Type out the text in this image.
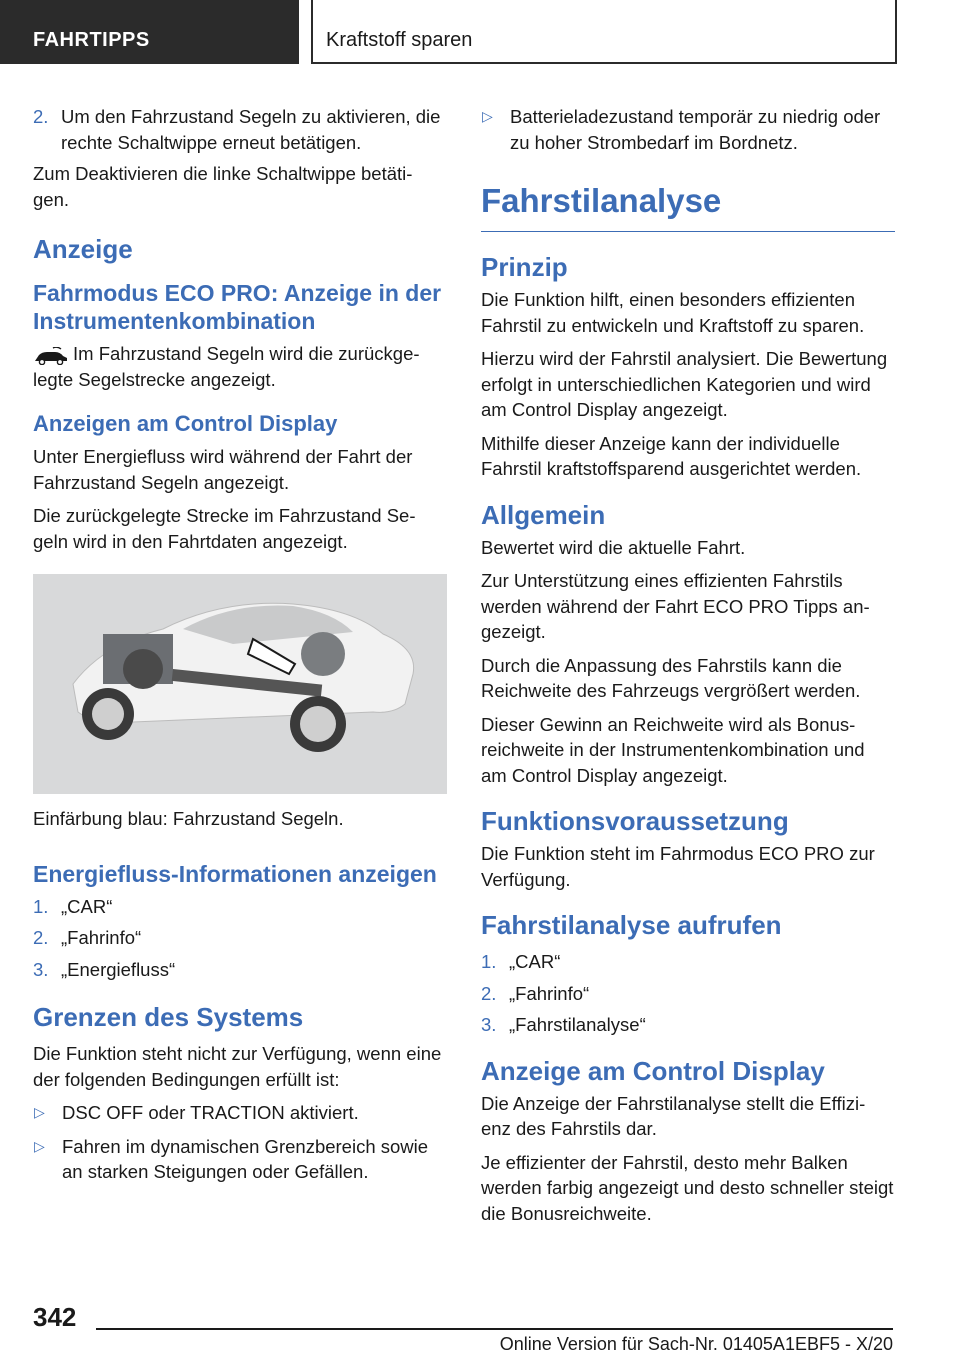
FAHRTIPPS	Kraftstoff sparen
2. Um den Fahrzustand Segeln zu aktivieren, die rechte Schaltwippe erneut betätigen.

Zum Deaktivieren die linke Schaltwippe betäti-gen.

Anzeige
Fahrmodus ECO PRO: Anzeige in der Instrumentenkombination

Im Fahrzustand Segeln wird die zurückge-legte Segelstrecke angezeigt.

Anzeigen am Control Display

Unter Energiefluss wird während der Fahrt der Fahrzustand Segeln angezeigt.

Die zurückgelegte Strecke im Fahrzustand Se-geln wird in den Fahrtdaten angezeigt.

Einfärbung blau: Fahrzustand Segeln.

Energiefluss-Informationen anzeigen
1. „CAR“
2. „Fahrinfo“
3. „Energiefluss“
Grenzen des Systems

Die Funktion steht nicht zur Verfügung, wenn eine der folgenden Bedingungen erfüllt ist:

▷ DSC OFF oder TRACTION aktiviert.
▷ Fahren im dynamischen Grenzbereich sowie an starken Steigungen oder Gefällen.
▷ Batterieladezustand temporär zu niedrig oder zu hoher Strombedarf im Bordnetz.
Fahrstilanalyse
Prinzip

Die Funktion hilft, einen besonders effizienten Fahrstil zu entwickeln und Kraftstoff zu sparen.

Hierzu wird der Fahrstil analysiert. Die Bewertung erfolgt in unterschiedlichen Kategorien und wird am Control Display angezeigt.

Mithilfe dieser Anzeige kann der individuelle Fahrstil kraftstoffsparend ausgerichtet werden.

Allgemein

Bewertet wird die aktuelle Fahrt.

Zur Unterstützung eines effizienten Fahrstils werden während der Fahrt ECO PRO Tipps an-gezeigt.

Durch die Anpassung des Fahrstils kann die Reichweite des Fahrzeugs vergrößert werden.

Dieser Gewinn an Reichweite wird als Bonus-reichweite in der Instrumentenkombination und am Control Display angezeigt.

Funktionsvoraussetzung

Die Funktion steht im Fahrmodus ECO PRO zur Verfügung.

Fahrstilanalyse aufrufen
1. „CAR“
2. „Fahrinfo“
3. „Fahrstilanalyse“
Anzeige am Control Display

Die Anzeige der Fahrstilanalyse stellt die Effizi-enz des Fahrstils dar.

Je effizienter der Fahrstil, desto mehr Balken werden farbig angezeigt und desto schneller steigt die Bonusreichweite.

342
Online Version für Sach-Nr. 01405A1EBF5 - X/20
